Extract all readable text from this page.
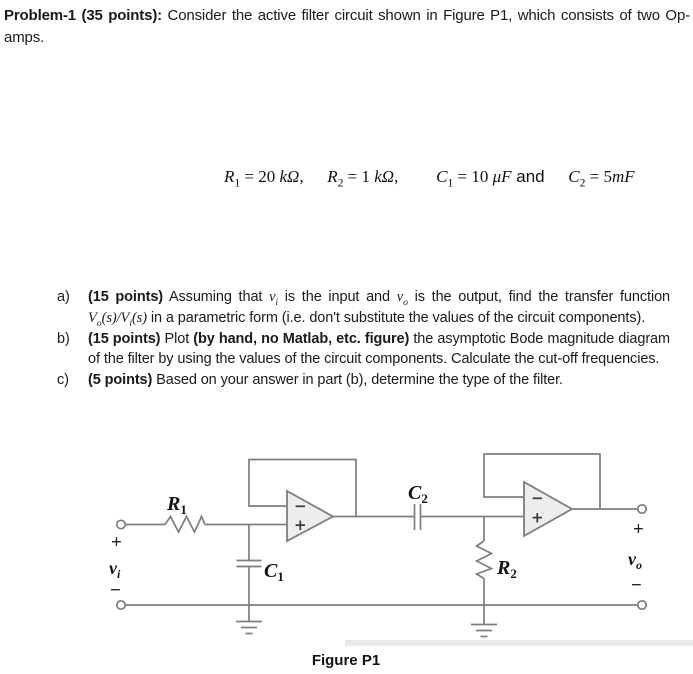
Problem-1 (35 points): Consider the active filter circuit shown in Figure P1, which consists of two Op-amps.
$R_1 = 20$ kΩ, $R_2 = 1$ kΩ, $C_1 = 10$ μF and $C_2 = 5mF$
a) (15 points) Assuming that $v_i$ is the input and $v_o$ is the output, find the transfer function $V_o(s)/V_i(s)$ in a parametric form (i.e. don't substitute the values of the circuit components).
b) (15 points) Plot (by hand, no Matlab, etc. figure) the asymptotic Bode magnitude diagram of the filter by using the values of the circuit components. Calculate the cut-off frequencies.
c) (5 points) Based on your answer in part (b), determine the type of the filter.
−
+
−
+
$R_1$
$C_1$
$C_2$
$R_2$
+
$v_i$
−
+
$v_o$
−
Figure P1
